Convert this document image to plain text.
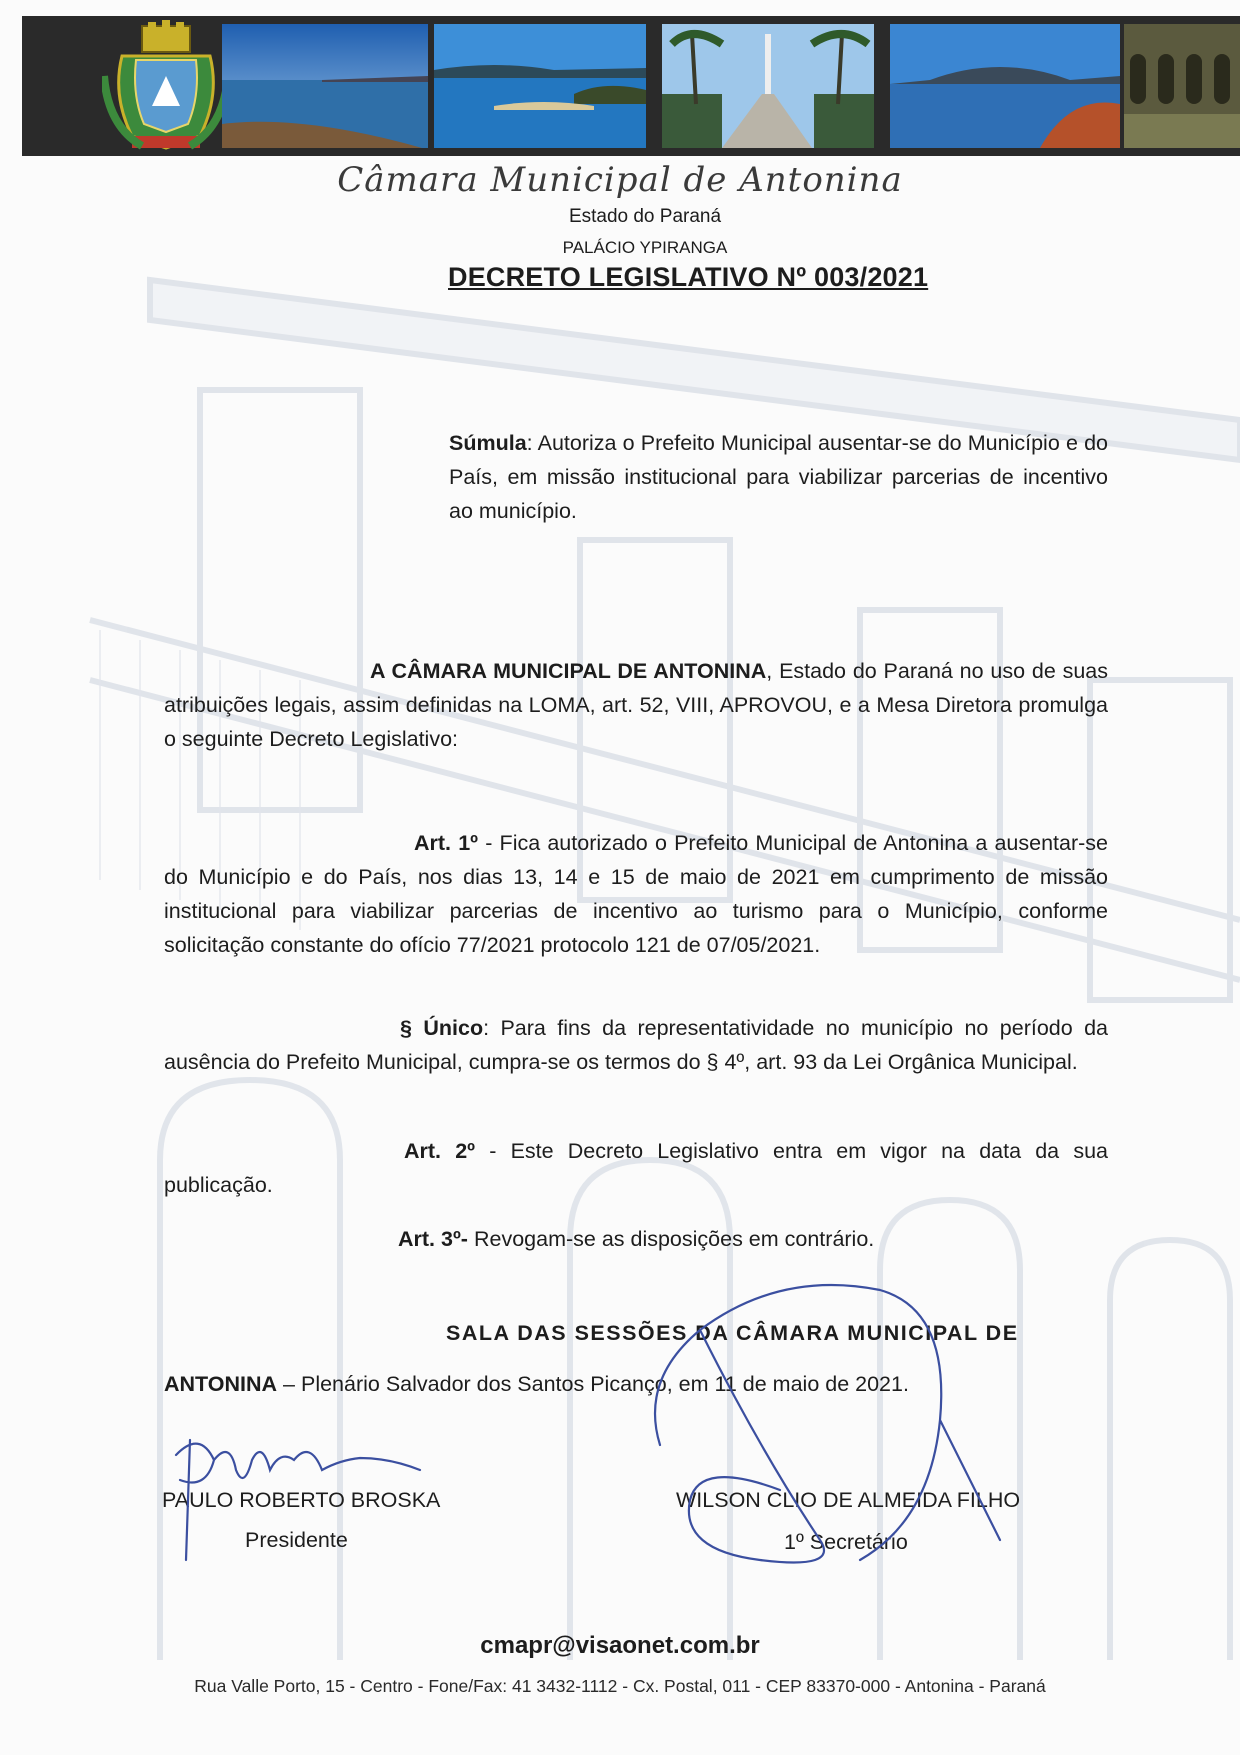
Câmara Municipal de Antonina
Estado do Paraná
PALÁCIO YPIRANGA
DECRETO LEGISLATIVO Nº 003/2021
Súmula: Autoriza o Prefeito Municipal ausentar-se do Município e do País, em missão institucional para viabilizar parcerias de incentivo ao município.
A CÂMARA MUNICIPAL DE ANTONINA, Estado do Paraná no uso de suas atribuições legais, assim definidas na LOMA, art. 52, VIII, APROVOU, e a Mesa Diretora promulga o seguinte Decreto Legislativo:
Art. 1º - Fica autorizado o Prefeito Municipal de Antonina a ausentar-se do Município e do País, nos dias 13, 14 e 15 de maio de 2021 em cumprimento de missão institucional para viabilizar parcerias de incentivo ao turismo para o Município, conforme solicitação constante do ofício 77/2021 protocolo 121 de 07/05/2021.
§ Único: Para fins da representatividade no município no período da ausência do Prefeito Municipal, cumpra-se os termos do § 4º, art. 93 da Lei Orgânica Municipal.
Art. 2º - Este Decreto Legislativo entra em vigor na data da sua publicação.
Art. 3º- Revogam-se as disposições em contrário.
SALA DAS SESSÕES DA CÂMARA MUNICIPAL DE
ANTONINA – Plenário Salvador dos Santos Picanço, em 11 de maio de 2021.
PAULO ROBERTO BROSKA
Presidente
WILSON CLIO DE ALMEIDA FILHO
1º Secretário
cmapr@visaonet.com.br
Rua Valle Porto, 15 - Centro - Fone/Fax: 41 3432-1112 - Cx. Postal, 011 - CEP 83370-000 - Antonina - Paraná
